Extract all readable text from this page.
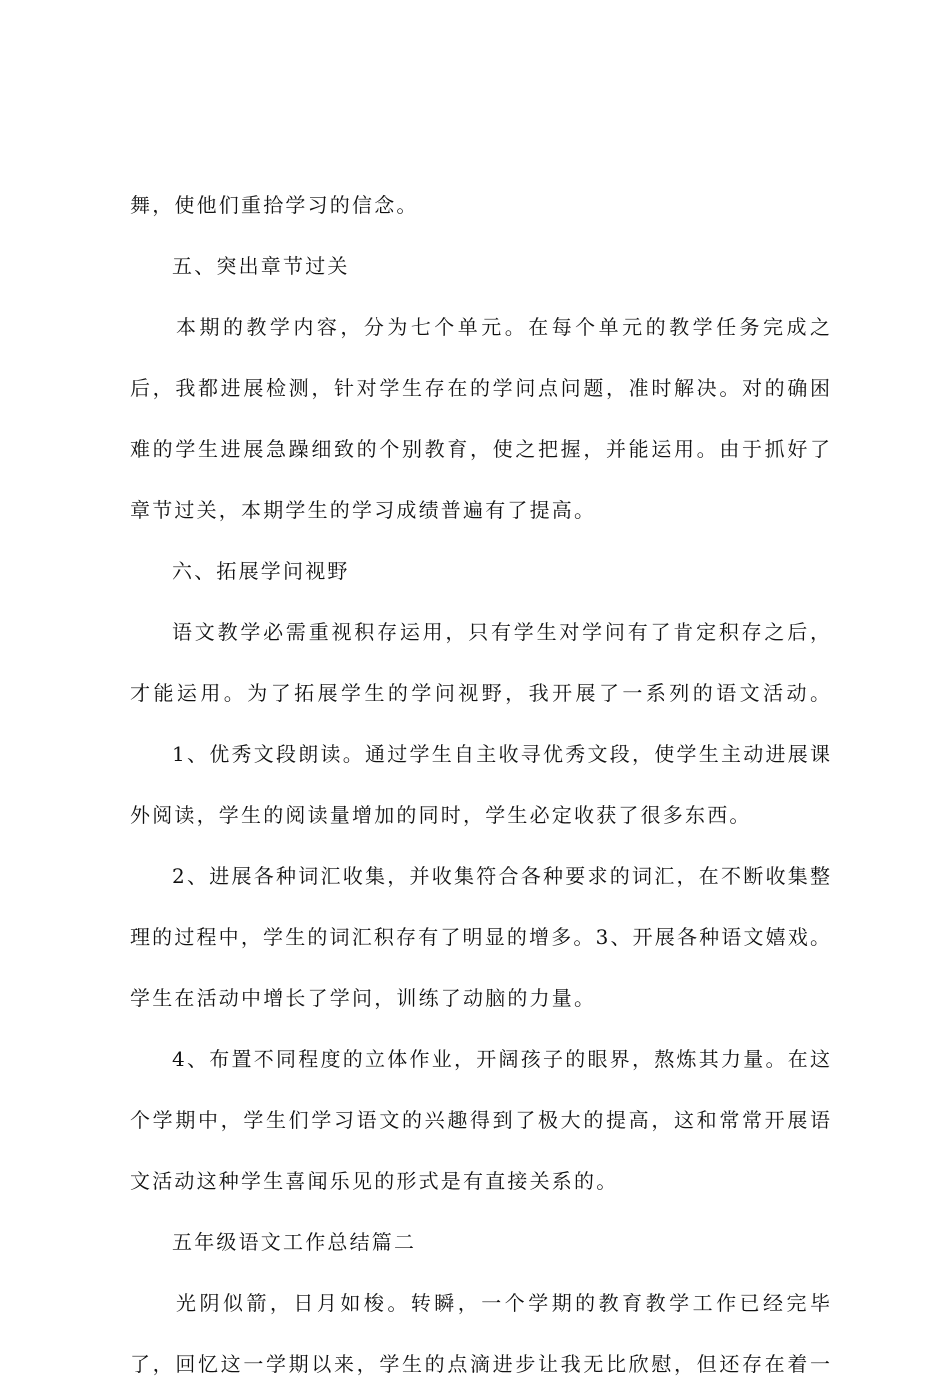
舞，使他们重拾学习的信念。
五、突出章节过关
本期的教学内容，分为七个单元。在每个单元的教学任务完成之
后，我都进展检测，针对学生存在的学问点问题，准时解决。对的确困
难的学生进展急躁细致的个别教育，使之把握，并能运用。由于抓好了
章节过关，本期学生的学习成绩普遍有了提高。
六、拓展学问视野
语文教学必需重视积存运用，只有学生对学问有了肯定积存之后，
才能运用。为了拓展学生的学问视野，我开展了一系列的语文活动。
1、优秀文段朗读。通过学生自主收寻优秀文段，使学生主动进展课
外阅读，学生的阅读量增加的同时，学生必定收获了很多东西。
2、进展各种词汇收集，并收集符合各种要求的词汇，在不断收集整
理的过程中，学生的词汇积存有了明显的增多。3、开展各种语文嬉戏。
学生在活动中增长了学问，训练了动脑的力量。
4、布置不同程度的立体作业，开阔孩子的眼界，熬炼其力量。在这
个学期中，学生们学习语文的兴趣得到了极大的提高，这和常常开展语
文活动这种学生喜闻乐见的形式是有直接关系的。
五年级语文工作总结篇二
光阴似箭，日月如梭。转瞬，一个学期的教育教学工作已经完毕
了，回忆这一学期以来，学生的点滴进步让我无比欣慰，但还存在着一
